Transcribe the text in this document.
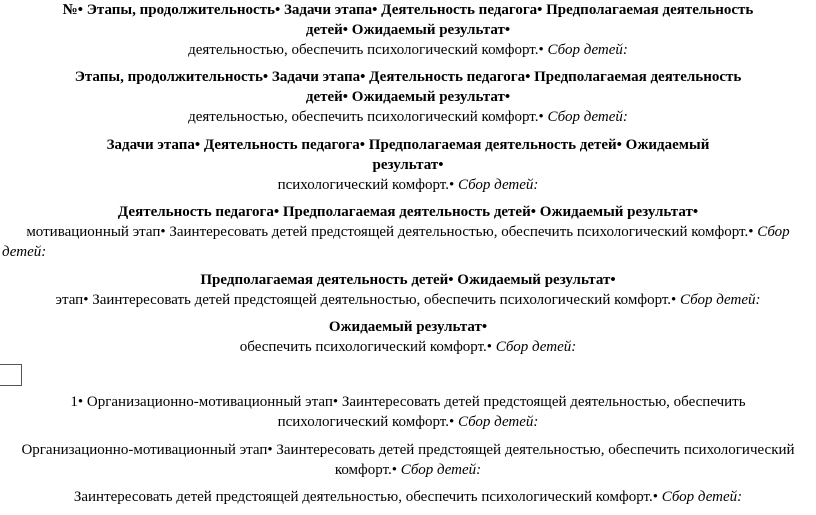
№• Этапы, продолжительность• Задачи этапа• Деятельность педагога• Предполагаемая деятельность
детей• Ожидаемый результат•
деятельностью, обеспечить психологический комфорт.• Сбор детей:
Этапы, продолжительность• Задачи этапа• Деятельность педагога• Предполагаемая деятельность
детей• Ожидаемый результат•
деятельностью, обеспечить психологический комфорт.• Сбор детей:
Задачи этапа• Деятельность педагога• Предполагаемая деятельность детей• Ожидаемый
результат•
психологический комфорт.• Сбор детей:
Деятельность педагога• Предполагаемая деятельность детей• Ожидаемый результат•
мотивационный этап• Заинтересовать детей предстоящей деятельностью, обеспечить психологический комфорт.• Сбор
детей:
Предполагаемая деятельность детей• Ожидаемый результат•
этап• Заинтересовать детей предстоящей деятельностью, обеспечить психологический комфорт.• Сбор детей:
Ожидаемый результат•
обеспечить психологический комфорт.• Сбор детей:
1• Организационно-мотивационный этап• Заинтересовать детей предстоящей деятельностью, обеспечить
психологический комфорт.• Сбор детей:
Организационно-мотивационный этап• Заинтересовать детей предстоящей деятельностью, обеспечить психологический
комфорт.• Сбор детей:
Заинтересовать детей предстоящей деятельностью, обеспечить психологический комфорт.• Сбор детей:
